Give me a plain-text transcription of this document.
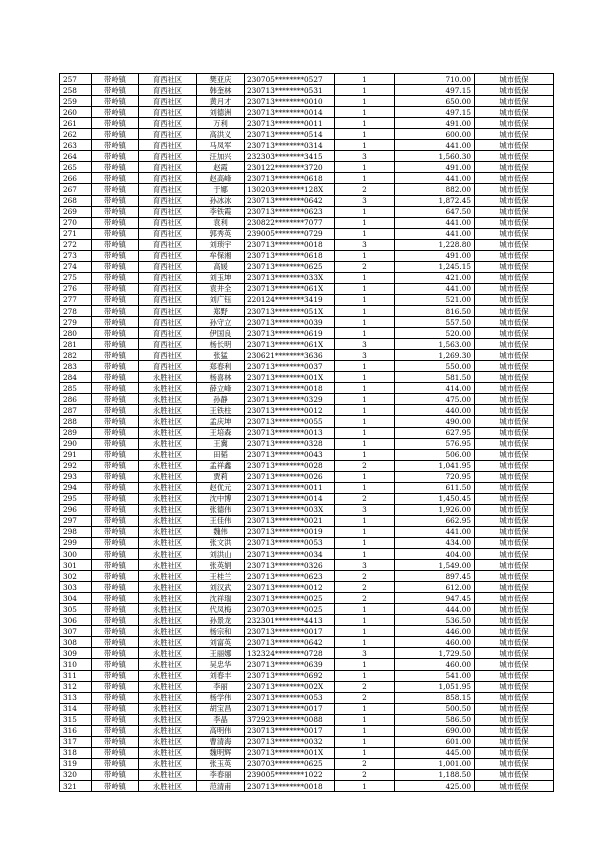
257	带岭镇	育西社区	樊亚庆	230705********0527	1	710.00	城市低保
258	带岭镇	育西社区	韩奎林	230713********0531	1	497.15	城市低保
259	带岭镇	育西社区	黄月才	230713********0010	1	650.00	城市低保
260	带岭镇	育西社区	刘德洲	230713********0014	1	497.15	城市低保
261	带岭镇	育西社区	万利	230713********0011	1	491.00	城市低保
262	带岭镇	育西社区	高洪义	230713********0514	1	600.00	城市低保
263	带岭镇	育西社区	马凤军	230713********0314	1	441.00	城市低保
264	带岭镇	育西社区	汪加兴	232303********3415	3	1,560.30	城市低保
265	带岭镇	育西社区	赵霞	230122********3720	1	491.00	城市低保
266	带岭镇	育西社区	赵高峰	230713********0618	1	441.00	城市低保
267	带岭镇	育西社区	于娜	130203********128X	2	882.00	城市低保
268	带岭镇	育西社区	孙冰冰	230713********0642	3	1,872.45	城市低保
269	带岭镇	育西社区	李铁霞	230713********0623	1	647.50	城市低保
270	带岭镇	育西社区	袁利	230822********7077	1	441.00	城市低保
271	带岭镇	育西社区	郭秀英	239005********0729	1	441.00	城市低保
272	带岭镇	育西社区	刘琐宇	230713********0018	3	1,228.80	城市低保
273	带岭镇	育西社区	牟保湘	230713********0618	1	491.00	城市低保
274	带岭镇	育西社区	高媛	230713********0625	2	1,245.15	城市低保
275	带岭镇	育西社区	刘玉坤	230713********033X	1	421.00	城市低保
276	带岭镇	育西社区	袁井全	230713********061X	1	441.00	城市低保
277	带岭镇	育西社区	刘广钰	220124********3419	1	521.00	城市低保
278	带岭镇	育西社区	郑野	230713********051X	1	816.50	城市低保
279	带岭镇	育西社区	孙守立	230713********0039	1	557.50	城市低保
280	带岭镇	育西社区	伊国良	230713********0619	1	520.00	城市低保
281	带岭镇	育西社区	杨长明	230713********061X	3	1,563.00	城市低保
282	带岭镇	育西社区	张猛	230621********3636	3	1,269.30	城市低保
283	带岭镇	育西社区	郑春利	230713********0037	1	550.00	城市低保
284	带岭镇	永胜社区	杨喜林	230713********001X	1	581.50	城市低保
285	带岭镇	永胜社区	薛立峰	230713********0018	1	414.00	城市低保
286	带岭镇	永胜社区	孙静	230713********0329	1	475.00	城市低保
287	带岭镇	永胜社区	王铁柱	230713********0012	1	440.00	城市低保
288	带岭镇	永胜社区	孟庆坤	230713********0055	1	490.00	城市低保
289	带岭镇	永胜社区	王培森	230713********0013	1	627.95	城市低保
290	带岭镇	永胜社区	王冀	230713********0328	1	576.95	城市低保
291	带岭镇	永胜社区	田韬	230713********0043	1	506.00	城市低保
292	带岭镇	永胜社区	孟祥鑫	230713********0028	2	1,041.95	城市低保
293	带岭镇	永胜社区	贾莉	230713********0026	1	720.95	城市低保
294	带岭镇	永胜社区	赵优元	230713********0011	1	611.50	城市低保
295	带岭镇	永胜社区	沈中博	230713********0014	2	1,450.45	城市低保
296	带岭镇	永胜社区	张德伟	230713********003X	3	1,926.00	城市低保
297	带岭镇	永胜社区	王佳伟	230713********0021	1	662.95	城市低保
298	带岭镇	永胜社区	魏伟	230713********0019	1	441.00	城市低保
299	带岭镇	永胜社区	张文洪	230713********0053	1	434.00	城市低保
300	带岭镇	永胜社区	刘洪山	230713********0034	1	404.00	城市低保
301	带岭镇	永胜社区	张英娟	230713********0326	3	1,549.00	城市低保
302	带岭镇	永胜社区	王桂兰	230713********0623	2	897.45	城市低保
303	带岭镇	永胜社区	刘汉武	230713********0012	2	612.00	城市低保
304	带岭镇	永胜社区	沈祥瑞	230713********0025	2	947.45	城市低保
305	带岭镇	永胜社区	代凤梅	230703********0025	1	444.00	城市低保
306	带岭镇	永胜社区	孙景龙	232301********4413	1	536.50	城市低保
307	带岭镇	永胜社区	杨宗和	230713********0017	1	446.00	城市低保
308	带岭镇	永胜社区	刘富英	230713********0642	1	460.00	城市低保
309	带岭镇	永胜社区	王丽娜	132324********0728	3	1,729.50	城市低保
310	带岭镇	永胜社区	吴忠华	230713********0639	1	460.00	城市低保
311	带岭镇	永胜社区	刘春丰	230713********0692	1	541.00	城市低保
312	带岭镇	永胜社区	李丽	230713********002X	2	1,051.95	城市低保
313	带岭镇	永胜社区	杨学伟	230713********0053	2	858.15	城市低保
314	带岭镇	永胜社区	胡宝昌	230713********0017	1	500.50	城市低保
315	带岭镇	永胜社区	李晶	372923********0088	1	586.50	城市低保
316	带岭镇	永胜社区	高明伟	230713********0017	1	690.00	城市低保
317	带岭镇	永胜社区	曹清海	230713********0032	1	601.00	城市低保
318	带岭镇	永胜社区	魏明辉	230713********001X	1	445.00	城市低保
319	带岭镇	永胜社区	张玉英	230703********0625	2	1,001.00	城市低保
320	带岭镇	永胜社区	李春丽	239005********1022	2	1,188.50	城市低保
321	带岭镇	永胜社区	范清甫	230713********0018	1	425.00	城市低保
